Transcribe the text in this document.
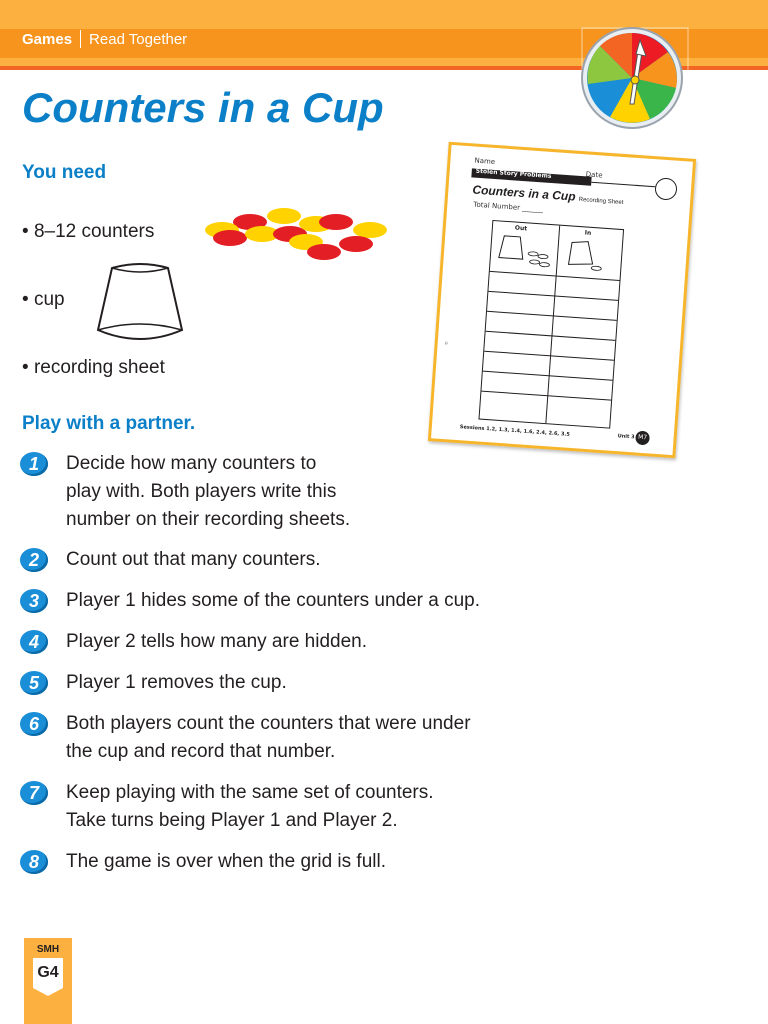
Games Read Together
Counters in a Cup
You need
• 8–12 counters
• cup
• recording sheet
Name
Date
Stolen Story Problems
Counters in a Cup Recording Sheet
Total Number ______
Out
In
©
Sessions 1.2, 1.3, 1.4, 1.6, 2.4, 2.6, 3.5	Unit 3 M7
Play with a partner.
1	Decide how many counters to
play with. Both players write this
number on their recording sheets.
2	Count out that many counters.
3	Player 1 hides some of the counters under a cup.
4	Player 2 tells how many are hidden.
5	Player 1 removes the cup.
6	Both players count the counters that were under
the cup and record that number.
7	Keep playing with the same set of counters.
Take turns being Player 1 and Player 2.
8	The game is over when the grid is full.
SMH
G4
